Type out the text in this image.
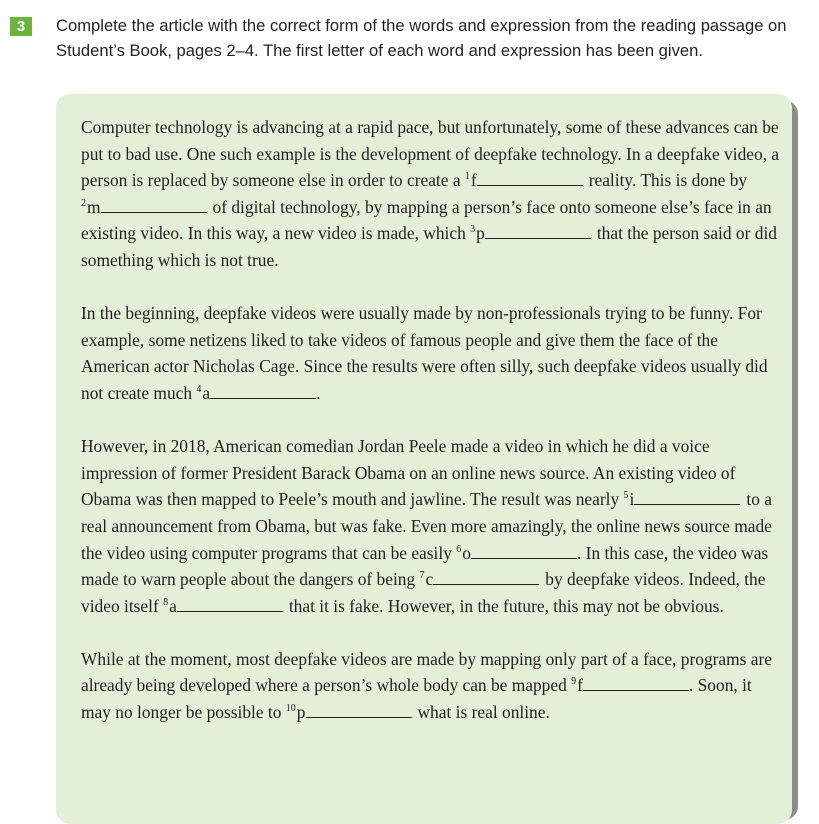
3	Complete the article with the correct form of the words and expression from the reading passage on Student’s Book, pages 2–4. The first letter of each word and expression has been given.

Computer technology is advancing at a rapid pace, but unfortunately, some of these advances can be put to bad use. One such example is the development of deepfake technology. In a deepfake video, a person is replaced by someone else in order to create a $^1$f	reality. This is done by $^2$m	of digital technology, by mapping a person’s face onto someone else’s face in an existing video. In this way, a new video is made, which $^3$p	that the person said or did something which is not true.

In the beginning, deepfake videos were usually made by non-professionals trying to be funny. For example, some netizens liked to take videos of famous people and give them the face of the American actor Nicholas Cage. Since the results were often silly, such deepfake videos usually did not create much $^4$a	.

However, in 2018, American comedian Jordan Peele made a video in which he did a voice impression of former President Barack Obama on an online news source. An existing video of Obama was then mapped to Peele’s mouth and jawline. The result was nearly $^5$i	to a real announcement from Obama, but was fake. Even more amazingly, the online news source made the video using computer programs that can be easily $^6$o	. In this case, the video was made to warn people about the dangers of being $^7$c	by deepfake videos. Indeed, the video itself $^8$a	that it is fake. However, in the future, this may not be obvious.

While at the moment, most deepfake videos are made by mapping only part of a face, programs are already being developed where a person’s whole body can be mapped $^9$f	. Soon, it may no longer be possible to $^{10}$p	what is real online.
